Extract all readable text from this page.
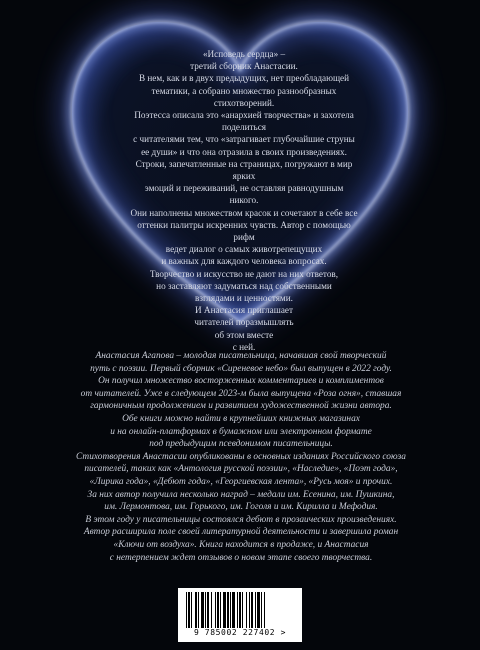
«Исповедь сердца» –

третий сборник Анастасии.

В нем, как и в двух предыдущих, нет преобладающей

тематики, а собрано множество разнообразных стихотворений.

Поэтесса описала это «анархией творчества» и захотела поделиться

с читателями тем, что «затрагивает глубочайшие струны

ее души» и что она отразила в своих произведениях.

Строки, запечатленные на страницах, погружают в мир ярких

эмоций и переживаний, не оставляя равнодушным никого.

Они наполнены множеством красок и сочетают в себе все

оттенки палитры искренних чувств. Автор с помощью рифм

ведет диалог о самых животрепещущих

и важных для каждого человека вопросах.

Творчество и искусство не дают на них ответов,

но заставляют задуматься над собственными

взглядами и ценностями.

И Анастасия приглашает

читателей поразмышлять

об этом вместе

с ней.

Анастасия Агапова – молодая писательница, начавшая свой творческий

путь с поэзии. Первый сборник «Сиреневое небо» был выпущен в 2022 году.

Он получил множество восторженных комментариев и комплиментов

от читателей. Уже в следующем 2023-м была выпущена «Роза огня», ставшая

гармоничным продолжением и развитием художественной жизни автора.

Обе книги можно найти в крупнейших книжных магазинах

и на онлайн-платформах в бумажном или электронном формате

под предыдущим псевдонимом писательницы.

Стихотворения Анастасии опубликованы в основных изданиях Российского союза

писателей, таких как «Антология русской поэзии», «Наследие», «Поэт года»,

«Лирика года», «Дебют года», «Георгиевская лента», «Русь моя» и прочих.

За них автор получила несколько наград – медали им. Есенина, им. Пушкина,

им. Лермонтова, им. Горького, им. Гоголя и им. Кирилла и Мефодия.

В этом году у писательницы состоялся дебют в прозаических произведениях.

Автор расширила поле своей литературной деятельности и завершила роман

«Ключи от воздуха». Книга находится в продаже, и Анастасия

с нетерпением ждет отзывов о новом этапе своего творчества.

9 785002 227402 >
